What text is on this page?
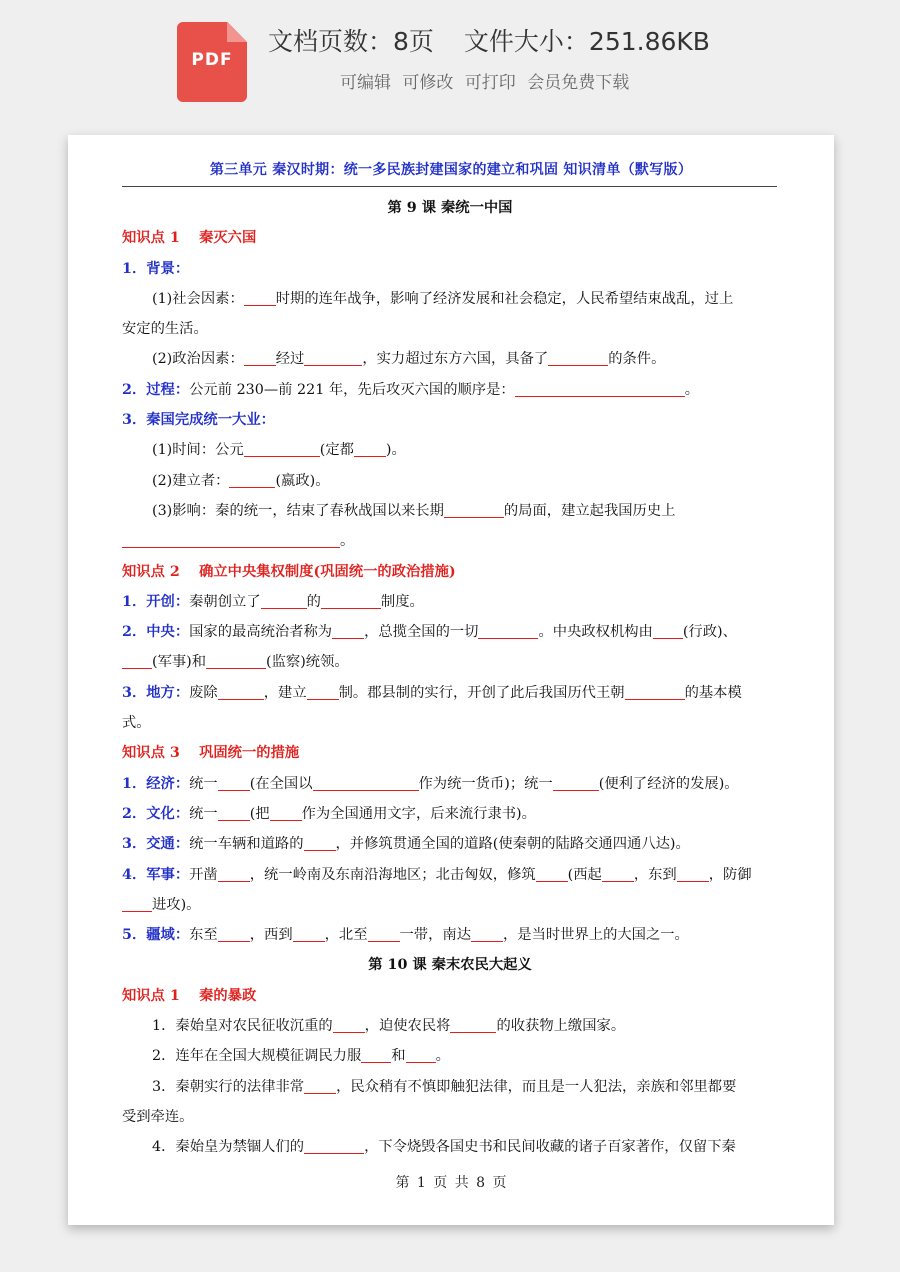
PDF
文档页数：8页 文件大小：251.86KB
可编辑 可修改 可打印 会员免费下载
第三单元 秦汉时期：统一多民族封建国家的建立和巩固 知识清单（默写版）
第 9 课 秦统一中国
知识点 1　 秦灭六国
1．背景：
(1)社会因素： 时期的连年战争，影响了经济发展和社会稳定，人民希望结束战乱，过上
安定的生活。
(2)政治因素： 经过	，实力超过东方六国，具备了	的条件。
2．过程：公元前 230—前 221 年，先后攻灭六国的顺序是：	。
3．秦国完成统一大业：
(1)时间：公元	(定都 )。
(2)建立者：	(嬴政)。
(3)影响：秦的统一，结束了春秋战国以来长期	的局面，建立起我国历史上
。
知识点 2　 确立中央集权制度(巩固统一的政治措施)
1．开创：秦朝创立了	的	制度。
2．中央：国家的最高统治者称为 ，总揽全国的一切	。中央政权机构由 (行政)、
(军事)和	(监察)统领。
3．地方：废除	，建立 制。郡县制的实行，开创了此后我国历代王朝	的基本模
式。
知识点 3　 巩固统一的措施
1．经济：统一 (在全国以	作为统一货币)；统一	(便利了经济的发展)。
2．文化：统一 (把 作为全国通用文字，后来流行隶书)。
3．交通：统一车辆和道路的 ，并修筑贯通全国的道路(使秦朝的陆路交通四通八达)。
4．军事：开凿 ，统一岭南及东南沿海地区；北击匈奴，修筑 (西起 ，东到 ，防御
进攻)。
5．疆域：东至 ，西到 ，北至 一带，南达 ，是当时世界上的大国之一。
第 10 课 秦末农民大起义
知识点 1　 秦的暴政
1．秦始皇对农民征收沉重的 ，迫使农民将	的收获物上缴国家。
2．连年在全国大规模征调民力服 和 。
3．秦朝实行的法律非常 ，民众稍有不慎即触犯法律，而且是一人犯法，亲族和邻里都要
受到牵连。
4．秦始皇为禁锢人们的	，下令烧毁各国史书和民间收藏的诸子百家著作，仅留下秦
第 1 页 共 8 页
